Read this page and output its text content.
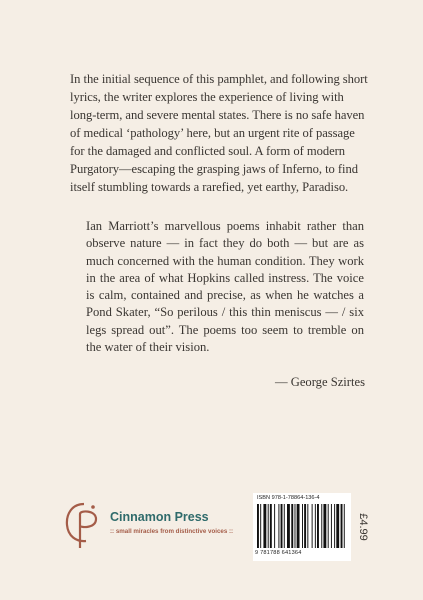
In the initial sequence of this pamphlet, and following short lyrics, the writer explores the experience of living with long-term, and severe mental states. There is no safe haven of medical ‘pathology’ here, but an urgent rite of passage for the damaged and conflicted soul. A form of modern Purgatory—escaping the grasping jaws of Inferno, to find itself stumbling towards a rarefied, yet earthy, Paradiso.

Ian Marriott’s marvellous poems inhabit rather than observe nature — in fact they do both — but are as much concerned with the human condition. They work in the area of what Hopkins called instress. The voice is calm, contained and precise, as when he watches a Pond Skater, “So perilous / this thin meniscus — / six legs spread out”. The poems too seem to tremble on the water of their vision.

— George Szirtes

Cinnamon Press
:: small miracles from distinctive voices ::
ISBN 978-1-78864-136-4
9 781788 641364
£4.99
